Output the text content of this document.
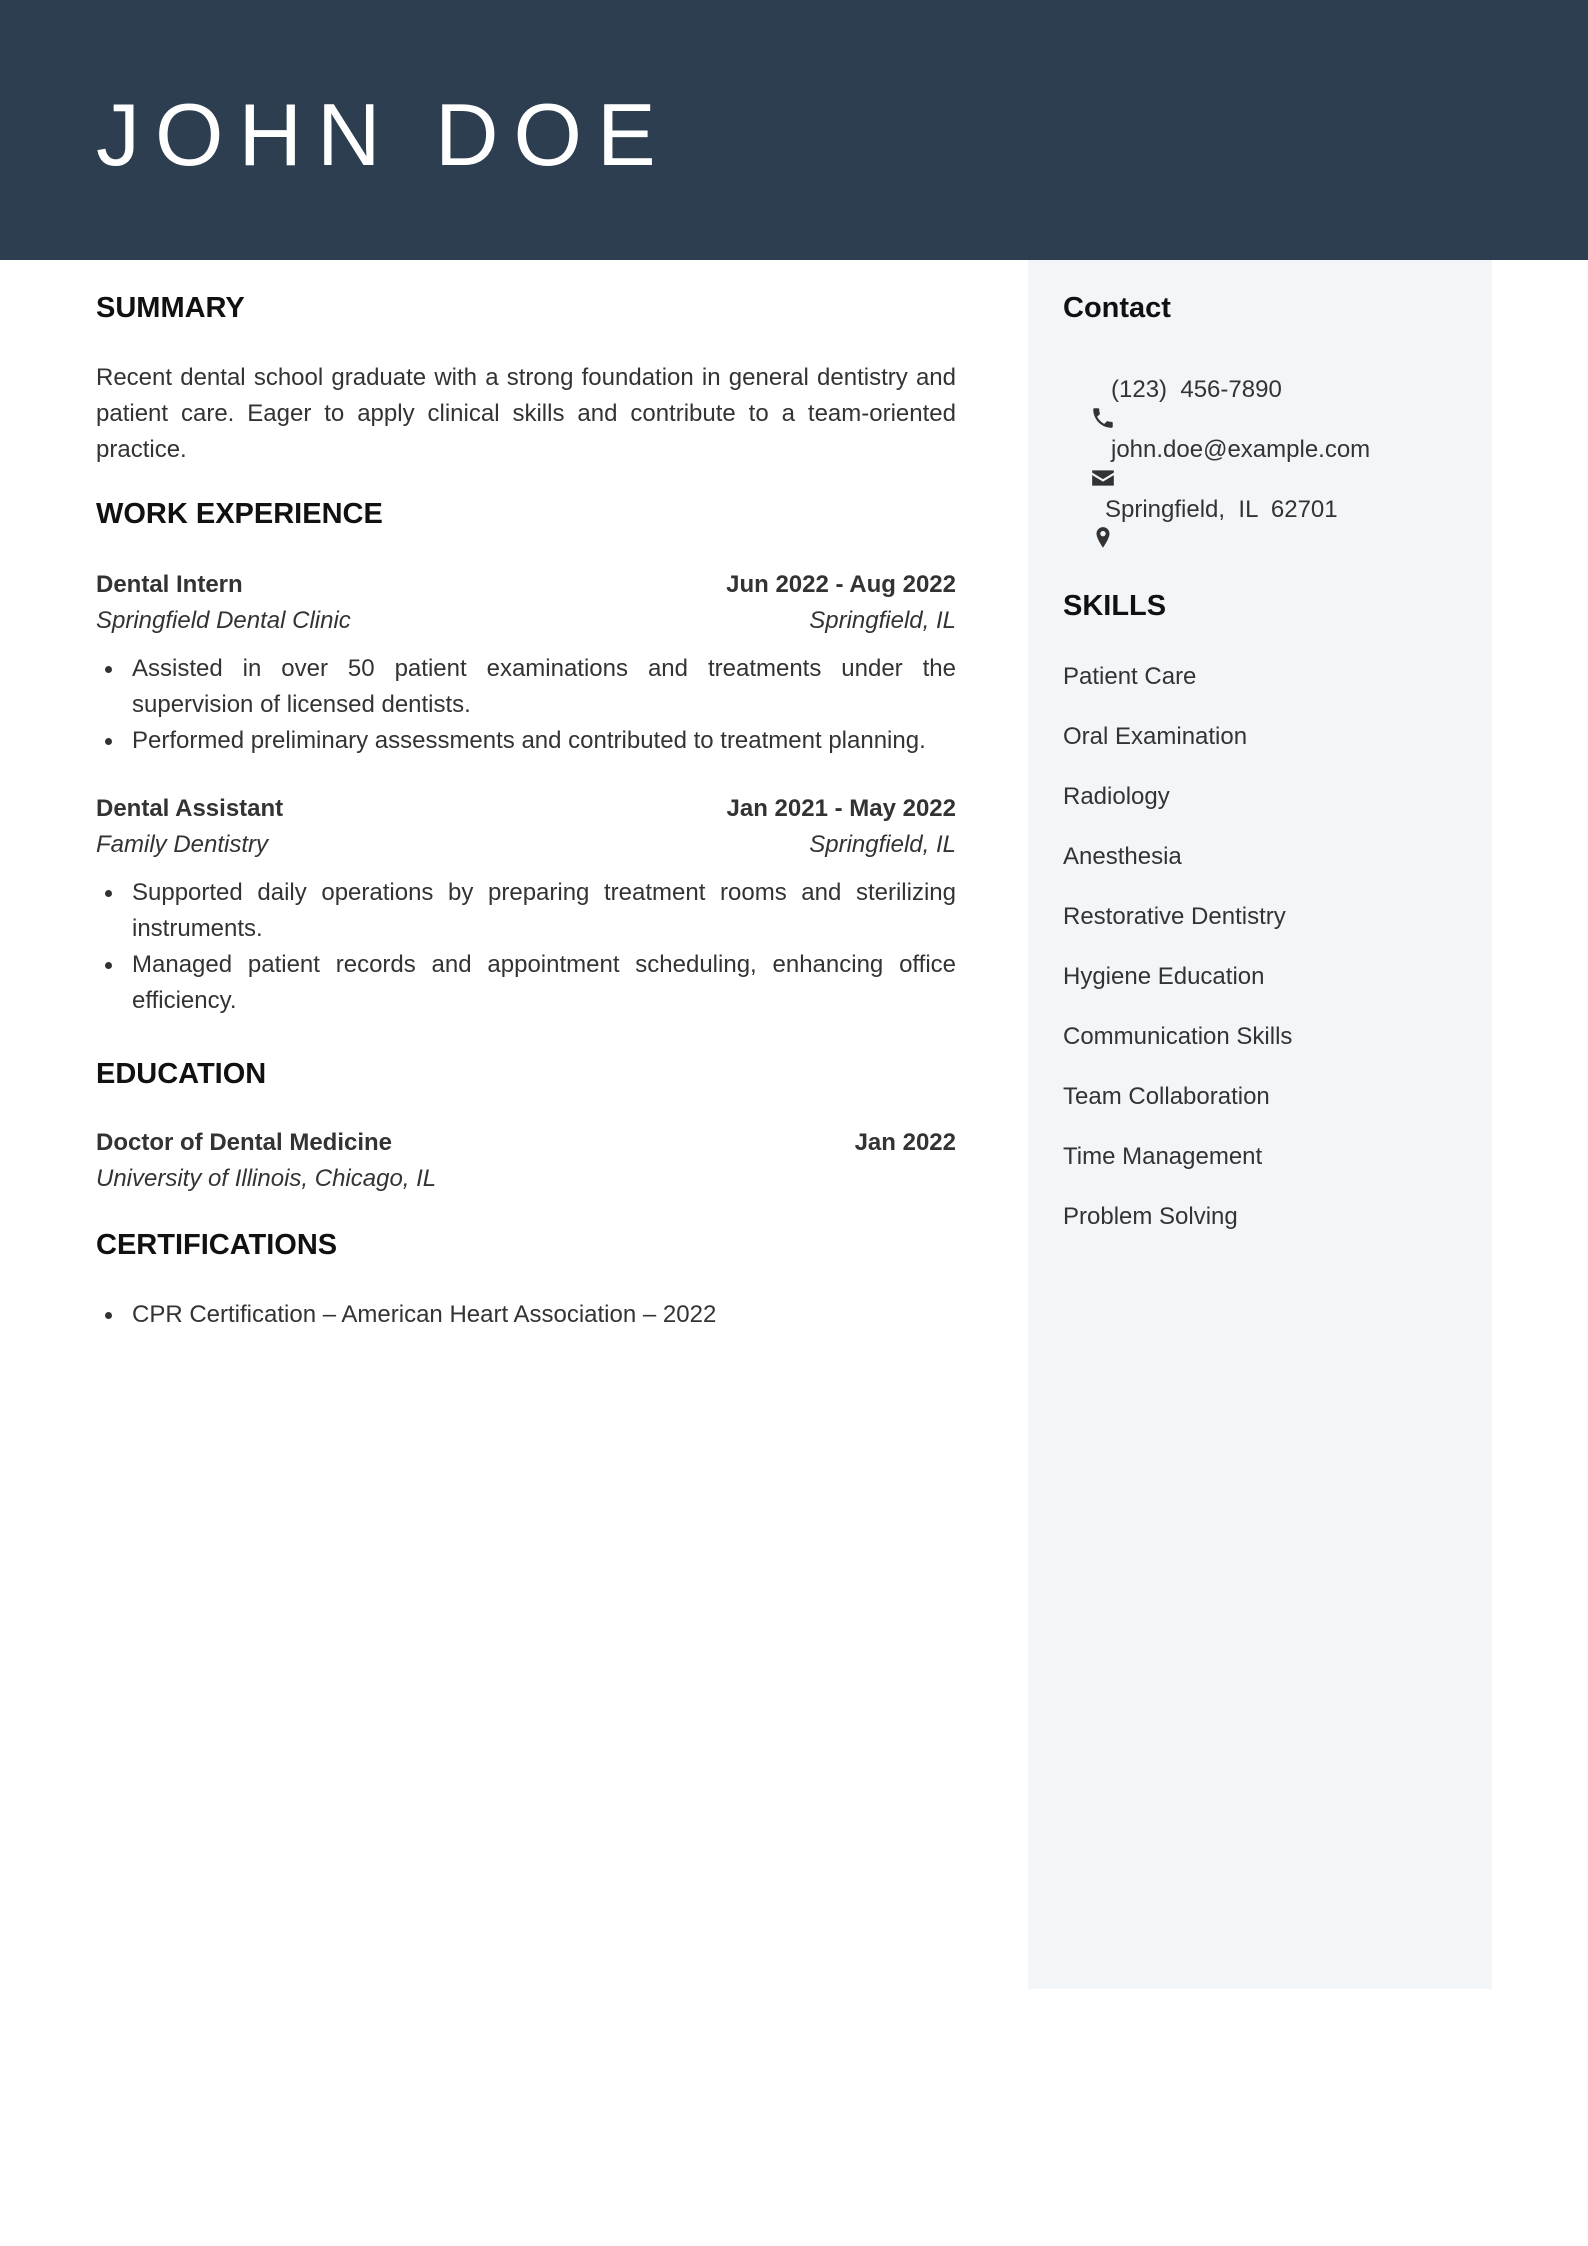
JOHN DOE
SUMMARY

Recent dental school graduate with a strong foundation in general dentistry and patient care. Eager to apply clinical skills and contribute to a team-oriented practice.

WORK EXPERIENCE
Dental Intern	Jun 2022 - Aug 2022
Springfield Dental Clinic	Springfield, IL
Assisted in over 50 patient examinations and treatments under the supervision of licensed dentists.
Performed preliminary assessments and contributed to treatment planning.
Dental Assistant	Jan 2021 - May 2022
Family Dentistry	Springfield, IL
Supported daily operations by preparing treatment rooms and sterilizing instruments.
Managed patient records and appointment scheduling, enhancing office efficiency.
EDUCATION
Doctor of Dental Medicine	Jan 2022
University of Illinois, Chicago, IL
CERTIFICATIONS
CPR Certification – American Heart Association – 2022
Contact

(123)  456-7890

john.doe@example.com

Springfield,  IL  62701
SKILLS
Patient Care
Oral Examination
Radiology
Anesthesia
Restorative Dentistry
Hygiene Education
Communication Skills
Team Collaboration
Time Management
Problem Solving
